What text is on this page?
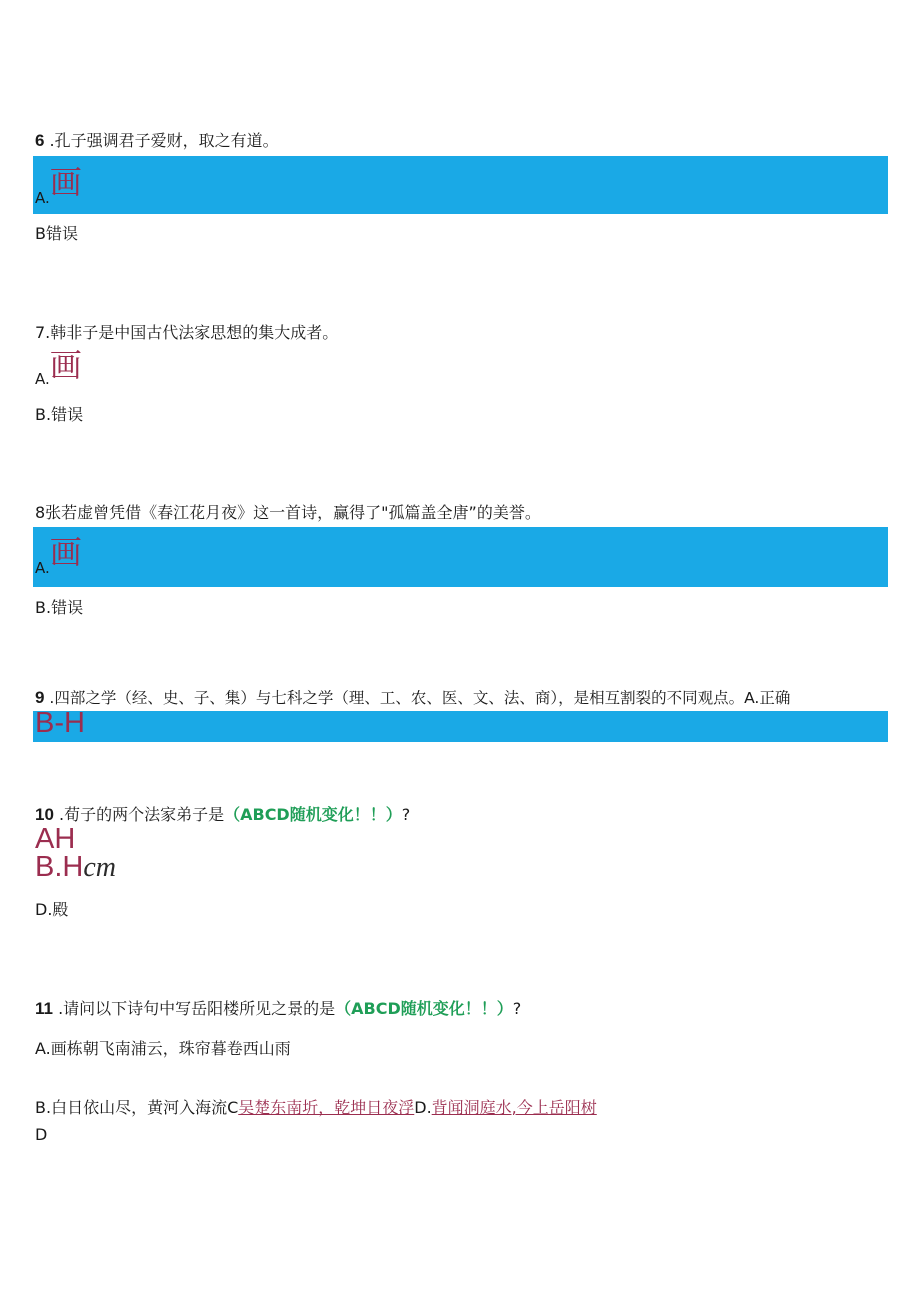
6 .孔子强调君子爱财，取之有道。
A.画
B错误
7.韩非子是中国古代法家思想的集大成者。
A.画
B.错误
8张若虚曾凭借《春江花月夜》这一首诗，赢得了"孤篇盖全唐”的美誉。
A.画
B.错误
9 .四部之学（经、史、子、集）与七科之学（理、工、农、医、文、法、商），是相互割裂的不同观点。A.正确
B-H
10 .荀子的两个法家弟子是（ABCD随机变化！！）?
AH
B.Hcm
D.殿
11 .请问以下诗句中写岳阳楼所见之景的是（ABCD随机变化！！）?
A.画栋朝飞南浦云，珠帘暮卷西山雨
B.白日依山尽，黄河入海流C吴楚东南圻，乾坤日夜浮D.背闻洞庭水,今上岳阳树
D
